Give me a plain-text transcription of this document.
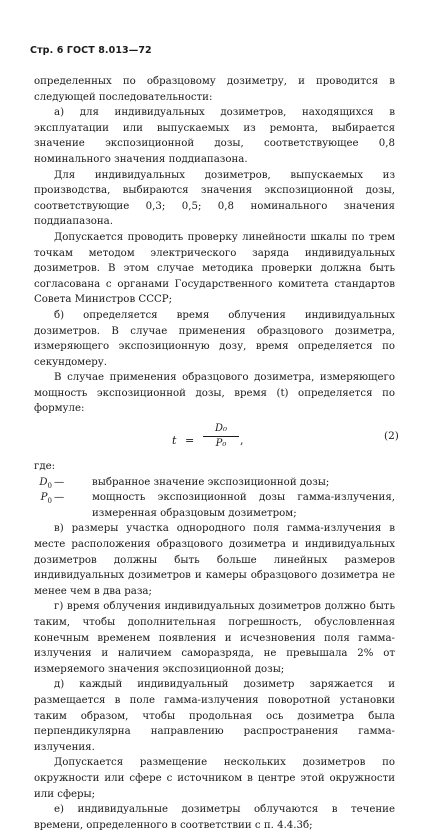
Стр. 6 ГОСТ 8.013—72

определенных по образцовому дозиметру, и проводится в следующей последовательности:

а) для индивидуальных дозиметров, находящихся в эксплуатации или выпускаемых из ремонта, выбирается значение экспозиционной дозы, соответствующее 0,8 номинального значения поддиапазона.

Для индивидуальных дозиметров, выпускаемых из производства, выбираются значения экспозиционной дозы, соответствующие 0,3; 0,5; 0,8 номинального значения поддиапазона.

Допускается проводить проверку линейности шкалы по трем точкам методом электрического заряда индивидуальных дозиметров. В этом случае методика проверки должна быть согласована с органами Государственного комитета стандартов Совета Министров СССР;

б) определяется время облучения индивидуальных дозиметров. В случае применения образцового дозиметра, измеряющего экспозиционную дозу, время определяется по секундомеру.

В случае применения образцового дозиметра, измеряющего мощность экспозиционной дозы, время (t) определяется по формуле:

$t = \frac{\text{D₀}}{\text{P₀}}$ ,	(2)

где:

$D_0$ —	выбранное значение экспозиционной дозы;
$P_0$ —	мощность экспозиционной дозы гамма-излучения, измеренная образцовым дозиметром;

в) размеры участка однородного поля гамма-излучения в месте расположения образцового дозиметра и индивидуальных дозиметров должны быть больше линейных размеров индивидуальных дозиметров и камеры образцового дозиметра не менее чем в два раза;

г) время облучения индивидуальных дозиметров должно быть таким, чтобы дополнительная погрешность, обусловленная конечным временем появления и исчезновения поля гамма-излучения и наличием саморазряда, не превышала 2% от измеряемого значения экспозиционной дозы;

д) каждый индивидуальный дозиметр заряжается и размещается в поле гамма-излучения поворотной установки таким образом, чтобы продольная ось дозиметра была перпендикулярна направлению распространения гамма-излучения.

Допускается размещение нескольких дозиметров по окружности или сфере с источником в центре этой окружности или сферы;

е) индивидуальные дозиметры облучаются в течение времени, определенного в соответствии с п. 4.4.3б;
